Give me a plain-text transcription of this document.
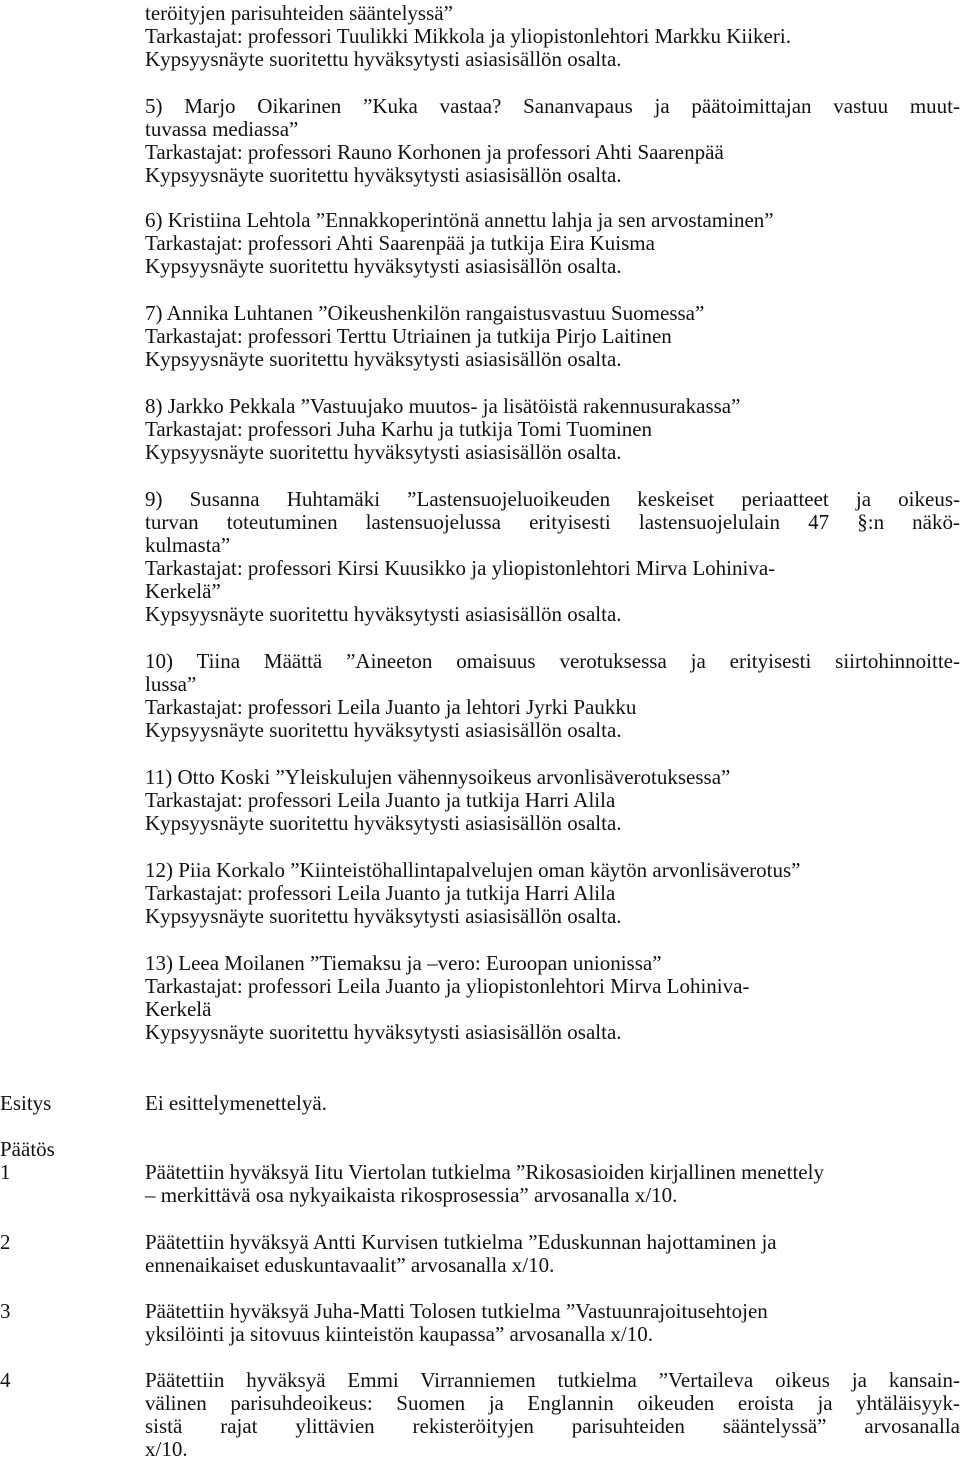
teröityjen parisuhteiden sääntelyssä”
Tarkastajat: professori Tuulikki Mikkola ja yliopistonlehtori Markku Kiikeri.
Kypsyysnäyte suoritettu hyväksytysti asiasisällön osalta.
5) Marjo Oikarinen ”Kuka vastaa? Sananvapaus ja päätoimittajan vastuu muut-
tuvassa mediassa”
Tarkastajat: professori Rauno Korhonen ja professori Ahti Saarenpää
Kypsyysnäyte suoritettu hyväksytysti asiasisällön osalta.
6) Kristiina Lehtola ”Ennakkoperintönä annettu lahja ja sen arvostaminen”
Tarkastajat: professori Ahti Saarenpää ja tutkija Eira Kuisma
Kypsyysnäyte suoritettu hyväksytysti asiasisällön osalta.
7) Annika Luhtanen ”Oikeushenkilön rangaistusvastuu Suomessa”
Tarkastajat: professori Terttu Utriainen ja tutkija Pirjo Laitinen
Kypsyysnäyte suoritettu hyväksytysti asiasisällön osalta.
8) Jarkko Pekkala ”Vastuujako muutos- ja lisätöistä rakennusurakassa”
Tarkastajat: professori Juha Karhu ja tutkija Tomi Tuominen
Kypsyysnäyte suoritettu hyväksytysti asiasisällön osalta.
9) Susanna Huhtamäki ”Lastensuojeluoikeuden keskeiset periaatteet ja oikeus-
turvan toteutuminen lastensuojelussa erityisesti lastensuojelulain 47 §:n näkö-
kulmasta”
Tarkastajat: professori Kirsi Kuusikko ja yliopistonlehtori Mirva Lohiniva-
Kerkelä”
Kypsyysnäyte suoritettu hyväksytysti asiasisällön osalta.
10) Tiina Määttä ”Aineeton omaisuus verotuksessa ja erityisesti siirtohinnoitte-
lussa”
Tarkastajat: professori Leila Juanto ja lehtori Jyrki Paukku
Kypsyysnäyte suoritettu hyväksytysti asiasisällön osalta.
11) Otto Koski ”Yleiskulujen vähennysoikeus arvonlisäverotuksessa”
Tarkastajat: professori Leila Juanto ja tutkija Harri Alila
Kypsyysnäyte suoritettu hyväksytysti asiasisällön osalta.
12) Piia Korkalo ”Kiinteistöhallintapalvelujen oman käytön arvonlisäverotus”
Tarkastajat: professori Leila Juanto ja tutkija Harri Alila
Kypsyysnäyte suoritettu hyväksytysti asiasisällön osalta.
13) Leea Moilanen ”Tiemaksu ja –vero: Euroopan unionissa”
Tarkastajat: professori Leila Juanto ja yliopistonlehtori Mirva Lohiniva-
Kerkelä
Kypsyysnäyte suoritettu hyväksytysti asiasisällön osalta.
Esitys	Ei esittelymenettelyä.
Päätös
1	Päätettiin hyväksyä Iitu Viertolan tutkielma ”Rikosasioiden kirjallinen menettely
– merkittävä osa nykyaikaista rikosprosessia” arvosanalla x/10.
2	Päätettiin hyväksyä Antti Kurvisen tutkielma ”Eduskunnan hajottaminen ja
ennenaikaiset eduskuntavaalit” arvosanalla x/10.
3	Päätettiin hyväksyä Juha-Matti Tolosen tutkielma ”Vastuunrajoitusehtojen
yksilöinti ja sitovuus kiinteistön kaupassa” arvosanalla x/10.
4	Päätettiin hyväksyä Emmi Virranniemen tutkielma ”Vertaileva oikeus ja kansain-
välinen parisuhdeoikeus: Suomen ja Englannin oikeuden eroista ja yhtäläisyyk-
sistä rajat ylittävien rekisteröityjen parisuhteiden sääntelyssä” arvosanalla
x/10.
